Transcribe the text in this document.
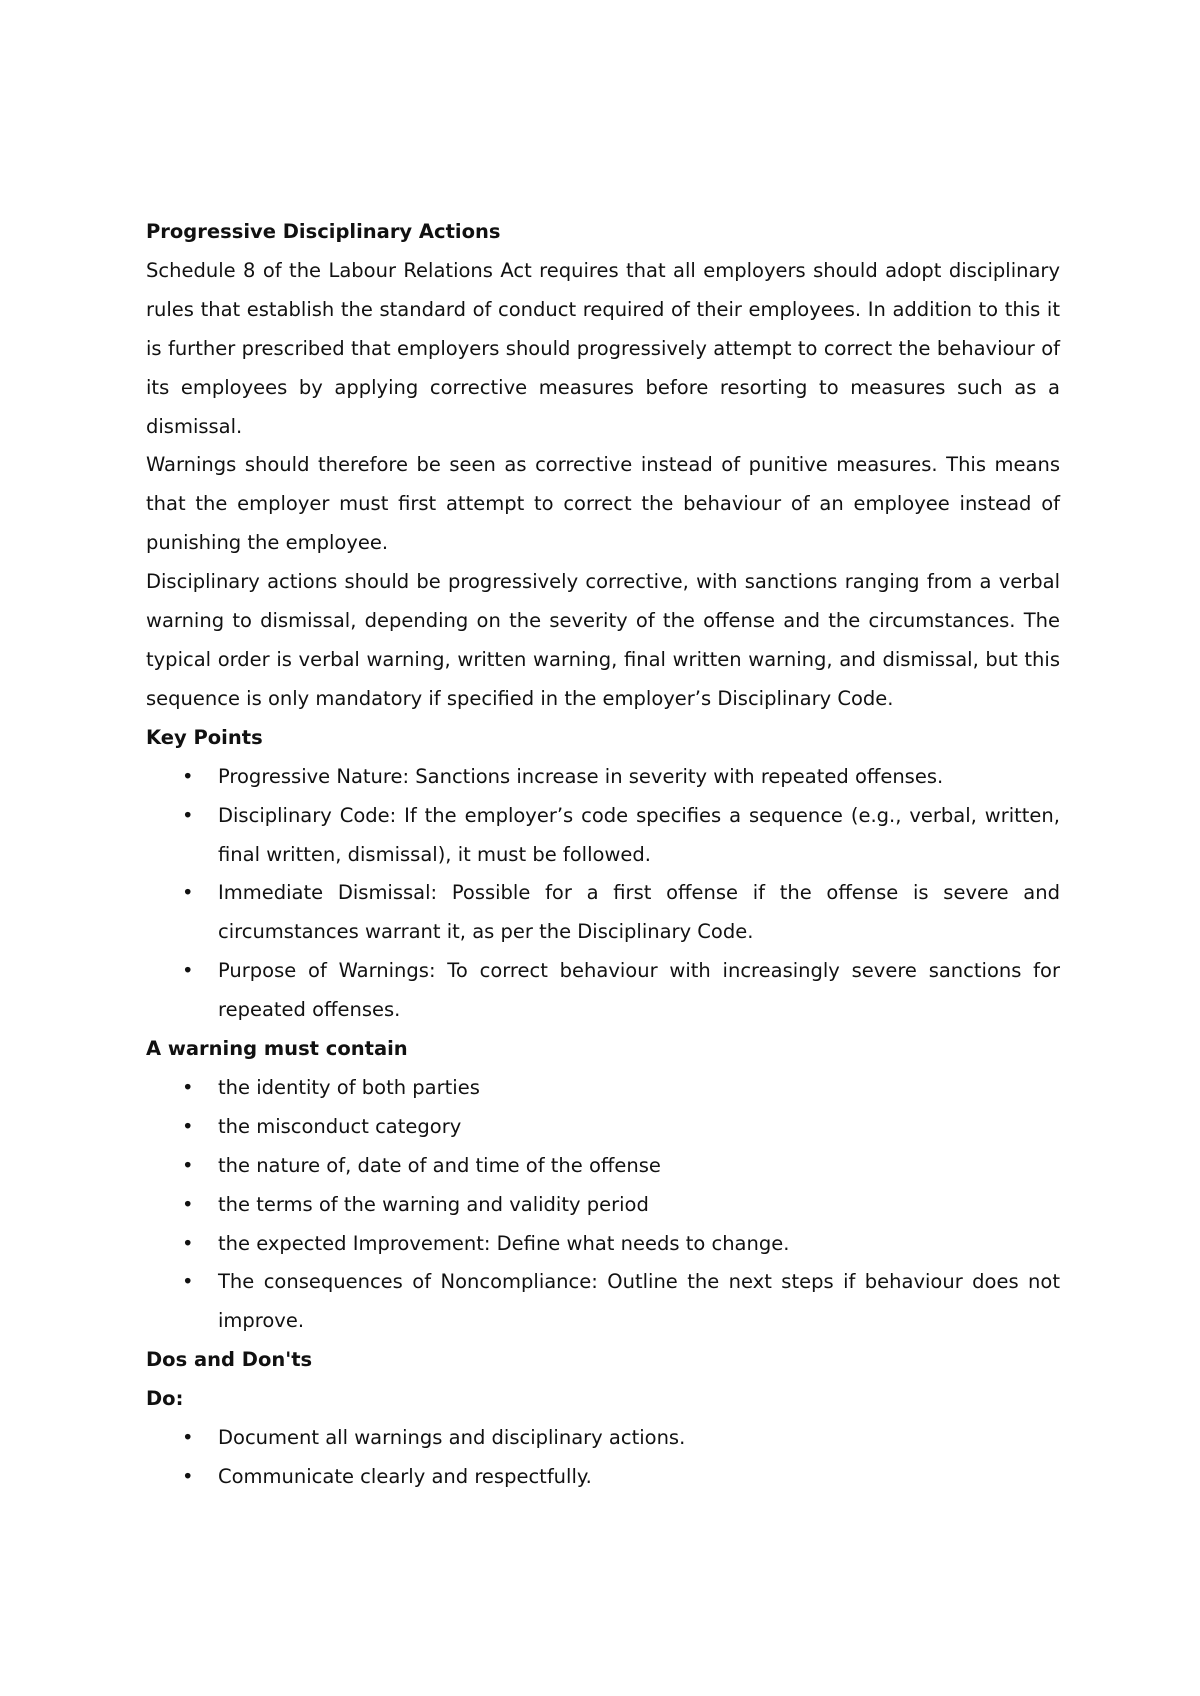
Progressive Disciplinary Actions

Schedule 8 of the Labour Relations Act requires that all employers should adopt disciplinary rules that establish the standard of conduct required of their employees. In addition to this it is further prescribed that employers should progressively attempt to correct the behaviour of its employees by applying corrective measures before resorting to measures such as a dismissal.

Warnings should therefore be seen as corrective instead of punitive measures. This means that the employer must first attempt to correct the behaviour of an employee instead of punishing the employee.

Disciplinary actions should be progressively corrective, with sanctions ranging from a verbal warning to dismissal, depending on the severity of the offense and the circumstances. The typical order is verbal warning, written warning, final written warning, and dismissal, but this sequence is only mandatory if specified in the employer’s Disciplinary Code.

Key Points
• Progressive Nature: Sanctions increase in severity with repeated offenses.
• Disciplinary Code: If the employer’s code specifies a sequence (e.g., verbal, written, final written, dismissal), it must be followed.
• Immediate Dismissal: Possible for a first offense if the offense is severe and circumstances warrant it, as per the Disciplinary Code.
• Purpose of Warnings: To correct behaviour with increasingly severe sanctions for repeated offenses.
A warning must contain
• the identity of both parties
• the misconduct category
• the nature of, date of and time of the offense
• the terms of the warning and validity period
• the expected Improvement: Define what needs to change.
• The consequences of Noncompliance: Outline the next steps if behaviour does not improve.
Dos and Don'ts
Do:
• Document all warnings and disciplinary actions.
• Communicate clearly and respectfully.
